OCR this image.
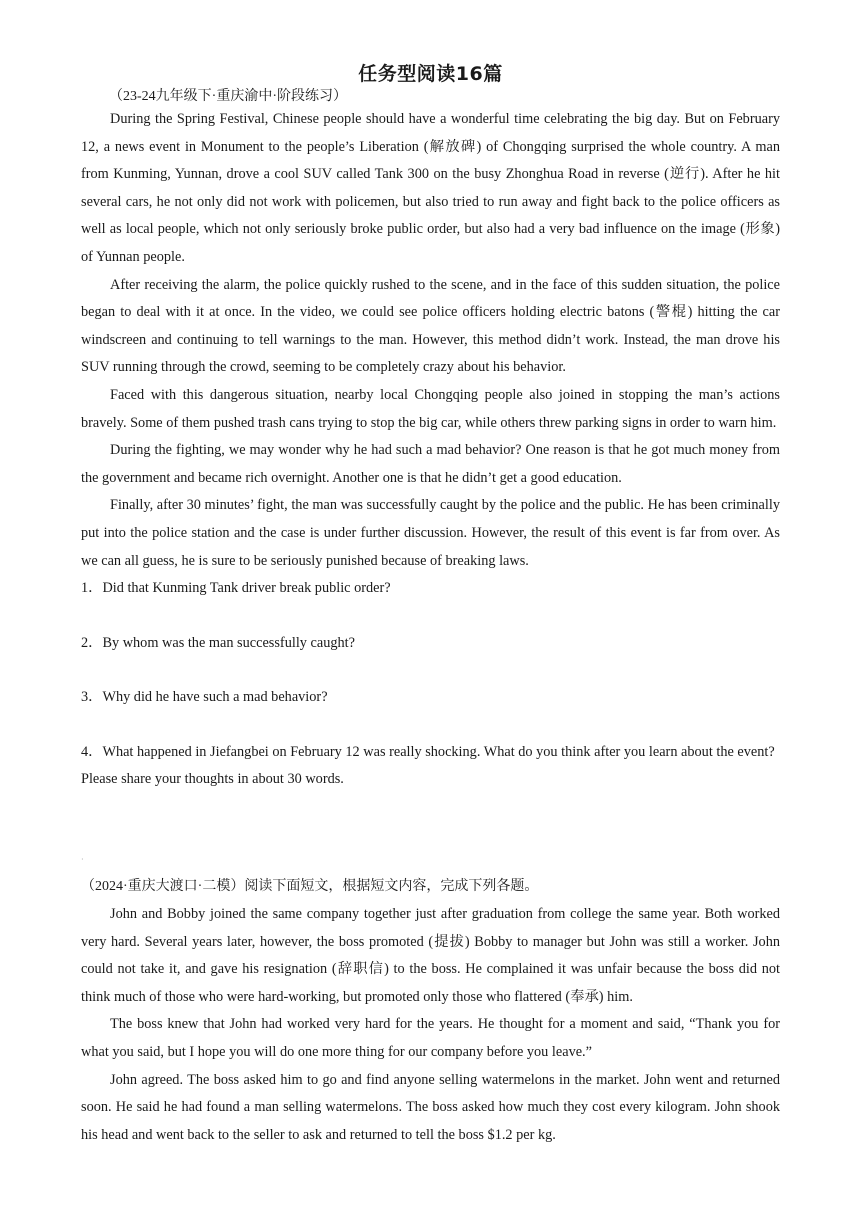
任务型阅读16篇
（23-24九年级下·重庆渝中·阶段练习）

During the Spring Festival, Chinese people should have a wonderful time celebrating the big day. But on February 12, a news event in Monument to the people’s Liberation (解放碑) of Chongqing surprised the whole country. A man from Kunming, Yunnan, drove a cool SUV called Tank 300 on the busy Zhonghua Road in reverse (逆行). After he hit several cars, he not only did not work with policemen, but also tried to run away and fight back to the police officers as well as local people, which not only seriously broke public order, but also had a very bad influence on the image (形象) of Yunnan people.

After receiving the alarm, the police quickly rushed to the scene, and in the face of this sudden situation, the police began to deal with it at once. In the video, we could see police officers holding electric batons (警棍) hitting the car windscreen and continuing to tell warnings to the man. However, this method didn’t work. Instead, the man drove his SUV running through the crowd, seeming to be completely crazy about his behavior.

Faced with this dangerous situation, nearby local Chongqing people also joined in stopping the man’s actions bravely. Some of them pushed trash cans trying to stop the big car, while others threw parking signs in order to warn him.

During the fighting, we may wonder why he had such a mad behavior? One reason is that he got much money from the government and became rich overnight. Another one is that he didn’t get a good education.

Finally, after 30 minutes’ fight, the man was successfully caught by the police and the public. He has been criminally put into the police station and the case is under further discussion. However, the result of this event is far from over. As we can all guess, he is sure to be seriously punished because of breaking laws.

1．Did that Kunming Tank driver break public order?
2．By whom was the man successfully caught?
3．Why did he have such a mad behavior?
4．What happened in Jiefangbei on February 12 was really shocking. What do you think after you learn about the event? Please share your thoughts in about 30 words.
·
（2024·重庆大渡口·二模）阅读下面短文，根据短文内容，完成下列各题。

John and Bobby joined the same company together just after graduation from college the same year. Both worked very hard. Several years later, however, the boss promoted (提拔) Bobby to manager but John was still a worker. John could not take it, and gave his resignation (辞职信) to the boss. He complained it was unfair because the boss did not think much of those who were hard-working, but promoted only those who flattered (奉承) him.

The boss knew that John had worked very hard for the years. He thought for a moment and said, “Thank you for what you said, but I hope you will do one more thing for our company before you leave.”

John agreed. The boss asked him to go and find anyone selling watermelons in the market. John went and returned soon. He said he had found a man selling watermelons. The boss asked how much they cost every kilogram. John shook his head and went back to the seller to ask and returned to tell the boss $1.2 per kg.
